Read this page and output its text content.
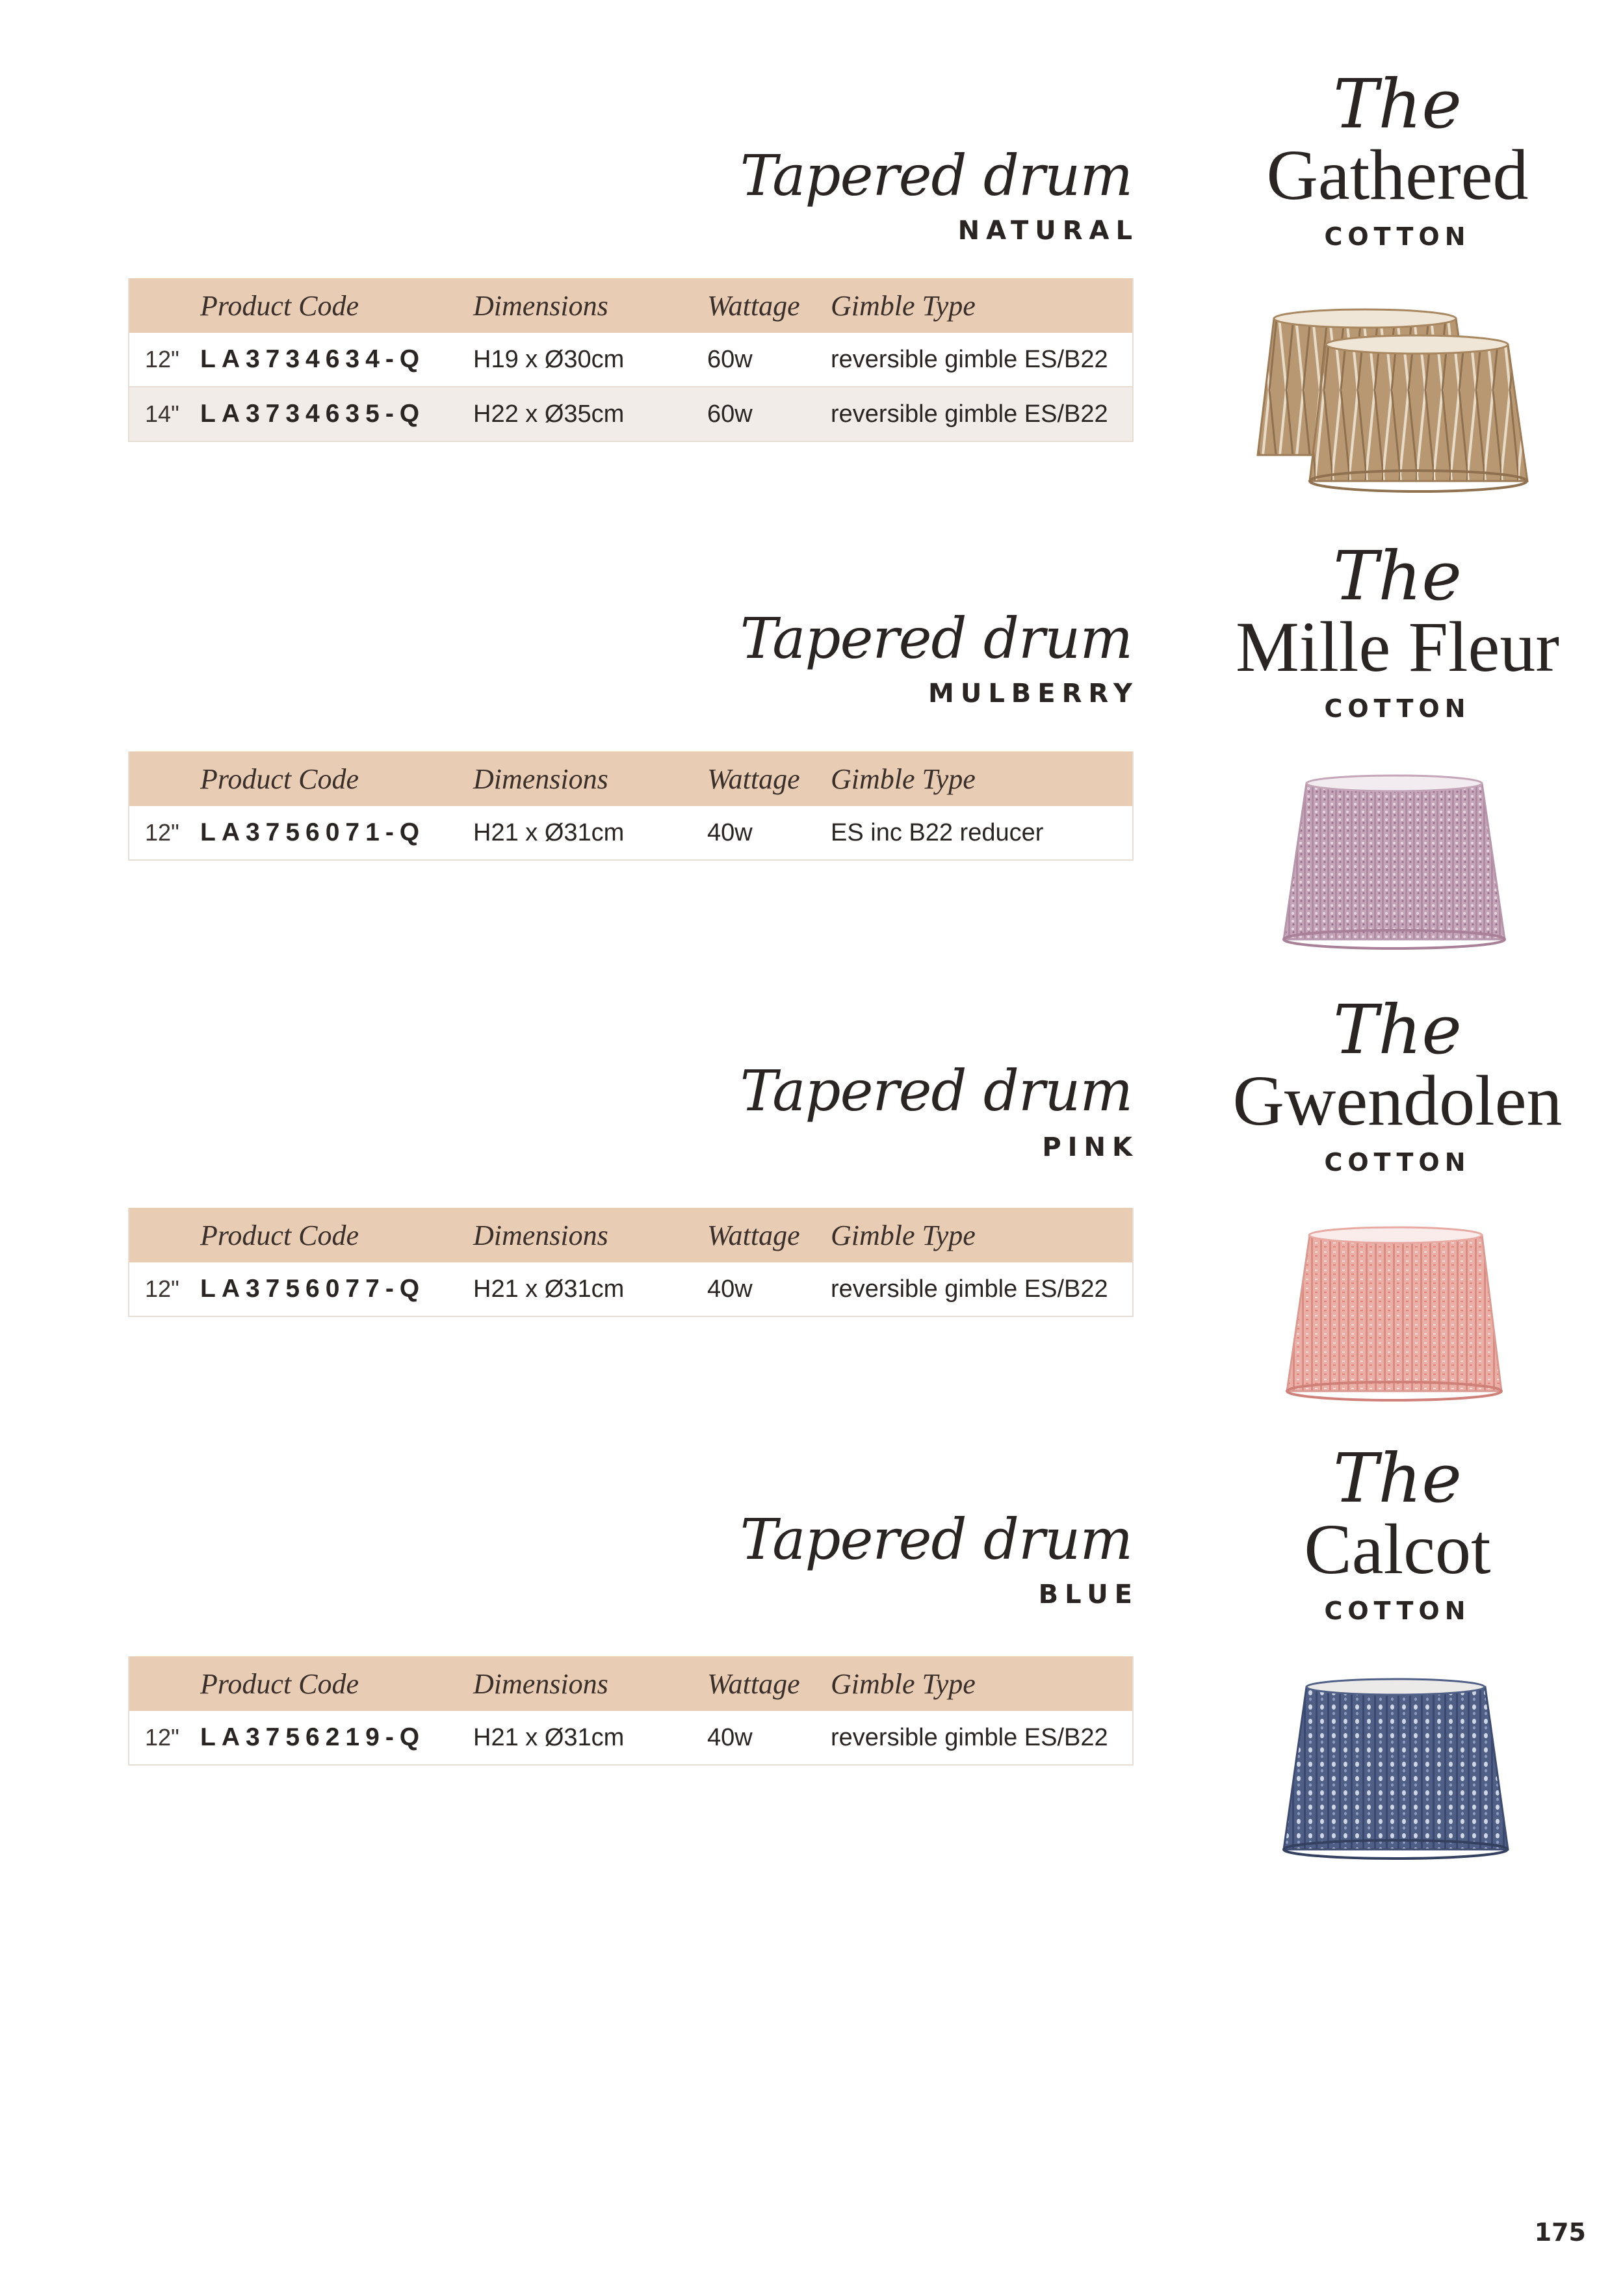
Tapered drum
NATURAL
	Product Code	Dimensions	Wattage	Gimble Type
12"	LA3734634-Q	H19 x Ø30cm	60w	reversible gimble ES/B22
14"	LA3734635-Q	H22 x Ø35cm	60w	reversible gimble ES/B22
The
Gathered
COTTON
Tapered drum
MULBERRY
	Product Code	Dimensions	Wattage	Gimble Type
12"	LA3756071-Q	H21 x Ø31cm	40w	ES inc B22 reducer
The
Mille Fleur
COTTON
Tapered drum
PINK
	Product Code	Dimensions	Wattage	Gimble Type
12"	LA3756077-Q	H21 x Ø31cm	40w	reversible gimble ES/B22
The
Gwendolen
COTTON
Tapered drum
BLUE
	Product Code	Dimensions	Wattage	Gimble Type
12"	LA3756219-Q	H21 x Ø31cm	40w	reversible gimble ES/B22
The
Calcot
COTTON
175
